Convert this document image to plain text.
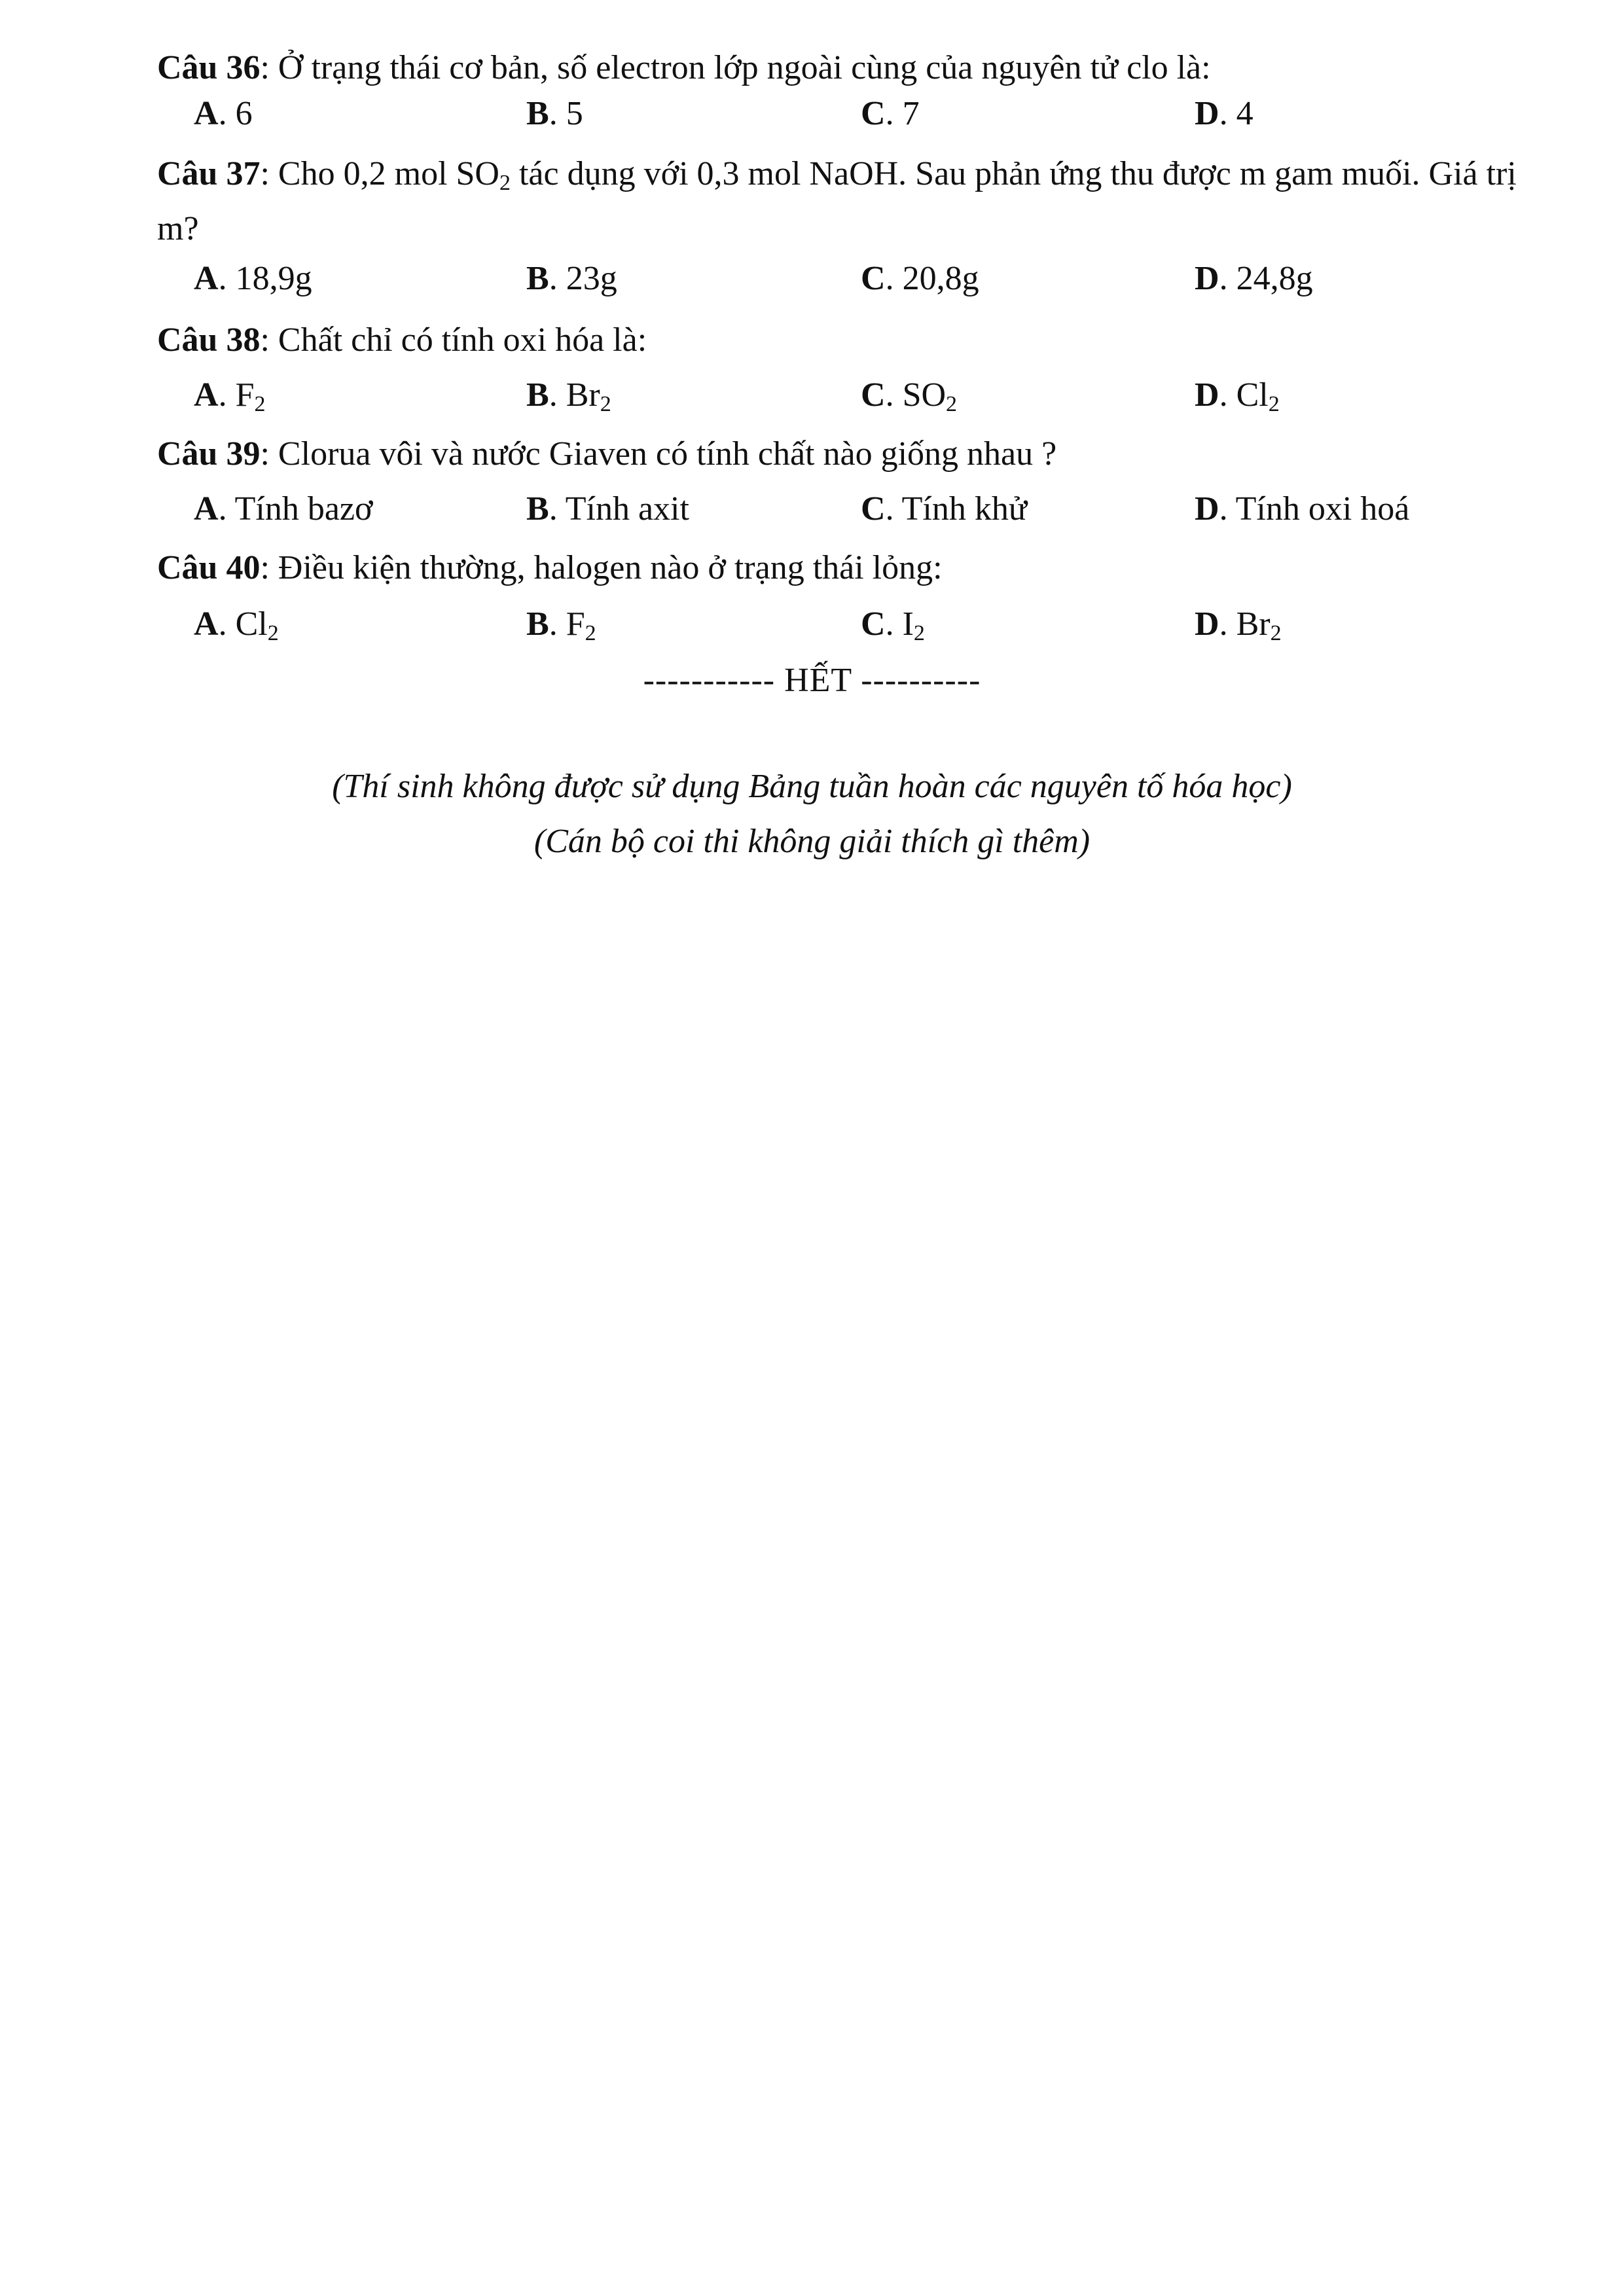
Câu 36: Ở trạng thái cơ bản, số electron lớp ngoài cùng của nguyên tử clo là:
A. 6	B. 5	C. 7	D. 4
Câu 37: Cho 0,2 mol $SO_2$ tác dụng với 0,3 mol NaOH. Sau phản ứng thu được m gam muối. Giá trị m?
A. 18,9g	B. 23g	C. 20,8g	D. 24,8g
Câu 38: Chất chỉ có tính oxi hóa là:
A. $F_2$	B. $Br_2$	C. $SO_2$	D. $Cl_2$
Câu 39: Clorua vôi và nước Giaven có tính chất nào giống nhau ?
A. Tính bazơ	B. Tính axit	C. Tính khử	D. Tính oxi hoá
Câu 40: Điều kiện thường, halogen nào ở trạng thái lỏng:
A. $Cl_2$	B. $F_2$	C. $I_2$	D. $Br_2$
----------- HẾT ----------
(Thí sinh không được sử dụng Bảng tuần hoàn các nguyên tố hóa học)
(Cán bộ coi thi không giải thích gì thêm)
